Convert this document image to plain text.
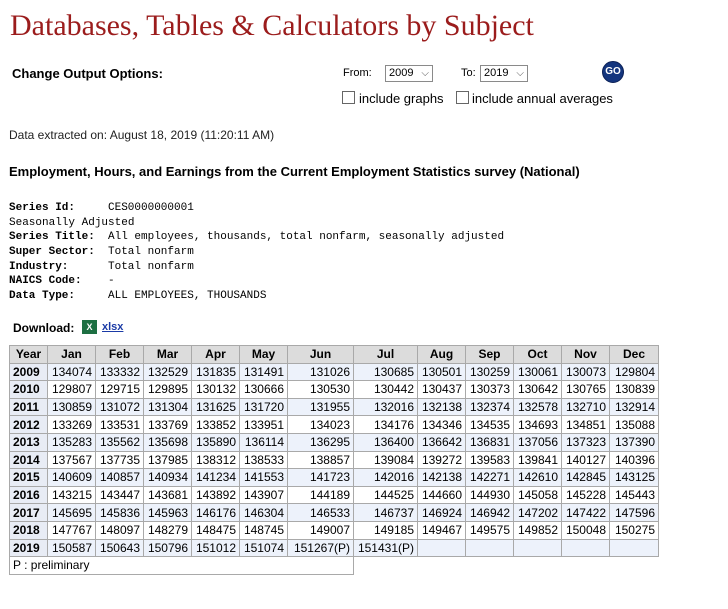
Databases, Tables & Calculators by Subject
Change Output Options:	From:	2009 ⌵	To: 2019 ⌵	GO
include graphs include annual averages
Data extracted on: August 18, 2019 (11:20:11 AM)
Employment, Hours, and Earnings from the Current Employment Statistics survey (National)
Series Id:	CES0000000001
Seasonally Adjusted
Series Title: All employees, thousands, total nonfarm, seasonally adjusted
Super Sector: Total nonfarm
Industry:	Total nonfarm
NAICS Code: -
Data Type:	ALL EMPLOYEES, THOUSANDS
Download:	X xlsx
Year	Jan	Feb	Mar	Apr	May	Jun	Jul	Aug	Sep	Oct	Nov	Dec
2009	134074	133332	132529	131835	131491	131026	130685	130501	130259	130061	130073	129804
2010	129807	129715	129895	130132	130666	130530	130442	130437	130373	130642	130765	130839
2011	130859	131072	131304	131625	131720	131955	132016	132138	132374	132578	132710	132914
2012	133269	133531	133769	133852	133951	134023	134176	134346	134535	134693	134851	135088
2013	135283	135562	135698	135890	136114	136295	136400	136642	136831	137056	137323	137390
2014	137567	137735	137985	138312	138533	138857	139084	139272	139583	139841	140127	140396
2015	140609	140857	140934	141234	141553	141723	142016	142138	142271	142610	142845	143125
2016	143215	143447	143681	143892	143907	144189	144525	144660	144930	145058	145228	145443
2017	145695	145836	145963	146176	146304	146533	146737	146924	146942	147202	147422	147596
2018	147767	148097	148279	148475	148745	149007	149185	149467	149575	149852	150048	150275
2019	150587	150643	150796	151012	151074	151267(P)	151431(P)					
P : preliminary												
